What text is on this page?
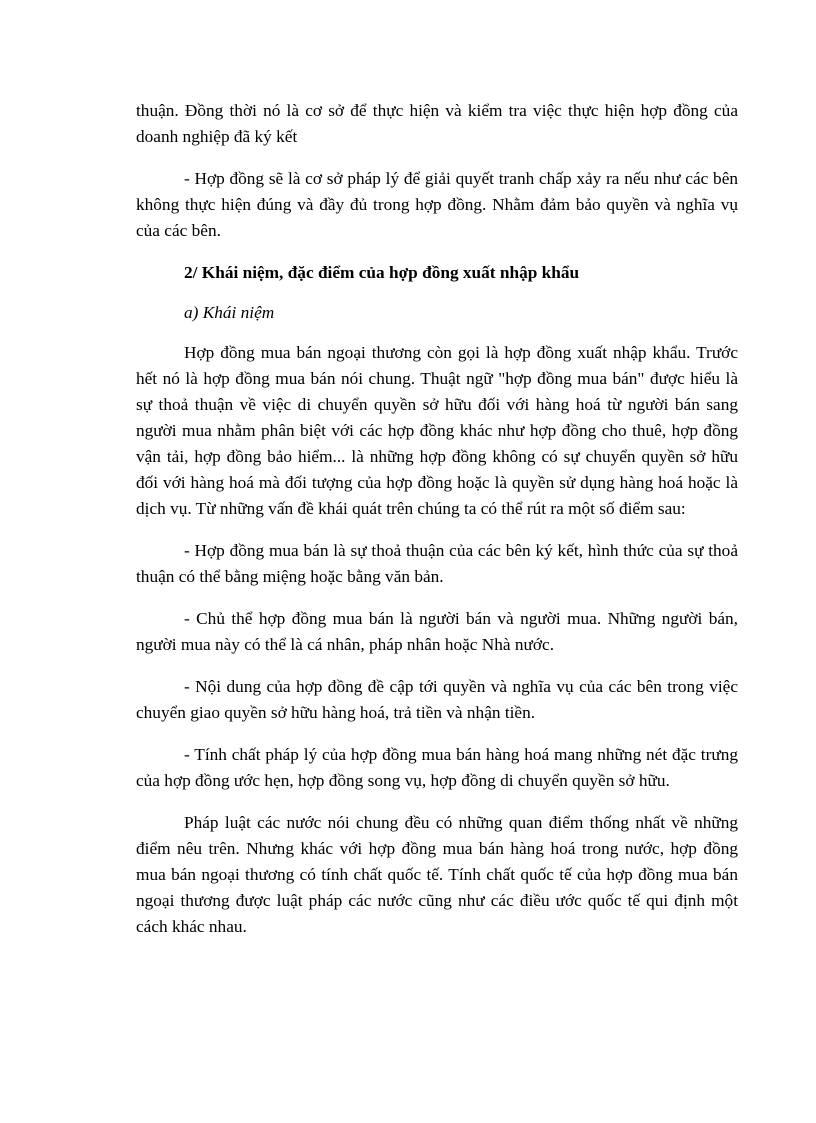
thuận. Đồng thời nó là cơ sở để thực hiện và kiểm tra việc thực hiện hợp đồng của doanh nghiệp đã ký kết

- Hợp đồng sẽ là cơ sở pháp lý để giải quyết tranh chấp xảy ra nếu như các bên không thực hiện đúng và đầy đủ trong hợp đồng. Nhằm đảm bảo quyền và nghĩa vụ của các bên.

2/ Khái niệm, đặc điểm của hợp đồng xuất nhập khẩu

a) Khái niệm

Hợp đồng mua bán ngoại thương còn gọi là hợp đồng xuất nhập khẩu. Trước hết nó là hợp đồng mua bán nói chung. Thuật ngữ "hợp đồng mua bán" được hiểu là sự thoả thuận về việc di chuyển quyền sở hữu đối với hàng hoá từ người bán sang người mua nhằm phân biệt với các hợp đồng khác như hợp đồng cho thuê, hợp đồng vận tải, hợp đồng bảo hiểm... là những hợp đồng không có sự chuyển quyền sở hữu đối với hàng hoá mà đối tượng của hợp đồng hoặc là quyền sử dụng hàng hoá hoặc là dịch vụ. Từ những vấn đề khái quát trên chúng ta có thể rút ra một số điểm sau:

- Hợp đồng mua bán là sự thoả thuận của các bên ký kết, hình thức của sự thoả thuận có thể bằng miệng hoặc bằng văn bản.

- Chủ thể hợp đồng mua bán là người bán và người mua. Những người bán, người mua này có thể là cá nhân, pháp nhân hoặc Nhà nước.

- Nội dung của hợp đồng đề cập tới quyền và nghĩa vụ của các bên trong việc chuyển giao quyền sở hữu hàng hoá, trả tiền và nhận tiền.

- Tính chất pháp lý của hợp đồng mua bán hàng hoá mang những nét đặc trưng của hợp đồng ước hẹn, hợp đồng song vụ, hợp đồng di chuyển quyền sở hữu.

Pháp luật các nước nói chung đều có những quan điểm thống nhất về những điểm nêu trên. Nhưng khác với hợp đồng mua bán hàng hoá trong nước, hợp đồng mua bán ngoại thương có tính chất quốc tế. Tính chất quốc tế của hợp đồng mua bán ngoại thương được luật pháp các nước cũng như các điều ước quốc tế qui định một cách khác nhau.
